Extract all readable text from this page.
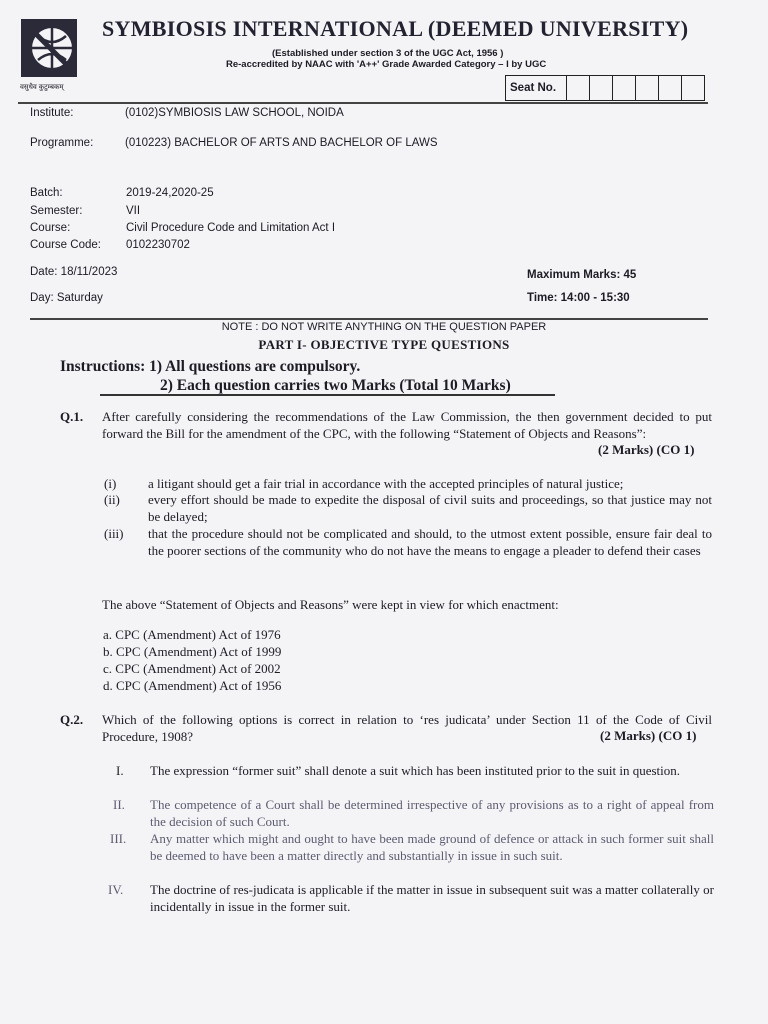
वसुधैव कुटुम्बकम्
SYMBIOSIS INTERNATIONAL (DEEMED UNIVERSITY)
(Established under section 3 of the UGC Act, 1956 )
Re-accredited by NAAC with 'A++' Grade Awarded Category – I by UGC
Seat No.
Institute:	(0102)SYMBIOSIS LAW SCHOOL, NOIDA
Programme:	(010223) BACHELOR OF ARTS AND BACHELOR OF LAWS
Batch:	2019-24,2020-25
Semester:	VII
Course:	Civil Procedure Code and Limitation Act I
Course Code: 0102230702
Date: 18/11/2023
Day: Saturday
Maximum Marks: 45
Time: 14:00 - 15:30
NOTE : DO NOT WRITE ANYTHING ON THE QUESTION PAPER
PART I- OBJECTIVE TYPE QUESTIONS
Instructions: 1) All questions are compulsory.
2) Each question carries two Marks (Total 10 Marks)
Q.1. After carefully considering the recommendations of the Law Commission, the then government decided to put forward the Bill for the amendment of the CPC, with the following “Statement of Objects and Reasons”:
(2 Marks) (CO 1)
(i) a litigant should get a fair trial in accordance with the accepted principles of natural justice;
(ii) every effort should be made to expedite the disposal of civil suits and proceedings, so that justice may not be delayed;
(iii) that the procedure should not be complicated and should, to the utmost extent possible, ensure fair deal to the poorer sections of the community who do not have the means to engage a pleader to defend their cases
The above “Statement of Objects and Reasons” were kept in view for which enactment:
a. CPC (Amendment) Act of 1976
b. CPC (Amendment) Act of 1999
c. CPC (Amendment) Act of 2002
d. CPC (Amendment) Act of 1956
Q.2. Which of the following options is correct in relation to ‘res judicata’ under Section 11 of the Code of Civil Procedure, 1908?	(2 Marks) (CO 1)
I. The expression “former suit” shall denote a suit which has been instituted prior to the suit in question.
II. The competence of a Court shall be determined irrespective of any provisions as to a right of appeal from the decision of such Court.
III. Any matter which might and ought to have been made ground of defence or attack in such former suit shall be deemed to have been a matter directly and substantially in issue in such suit.
IV. The doctrine of res-judicata is applicable if the matter in issue in subsequent suit was a matter collaterally or incidentally in issue in the former suit.
